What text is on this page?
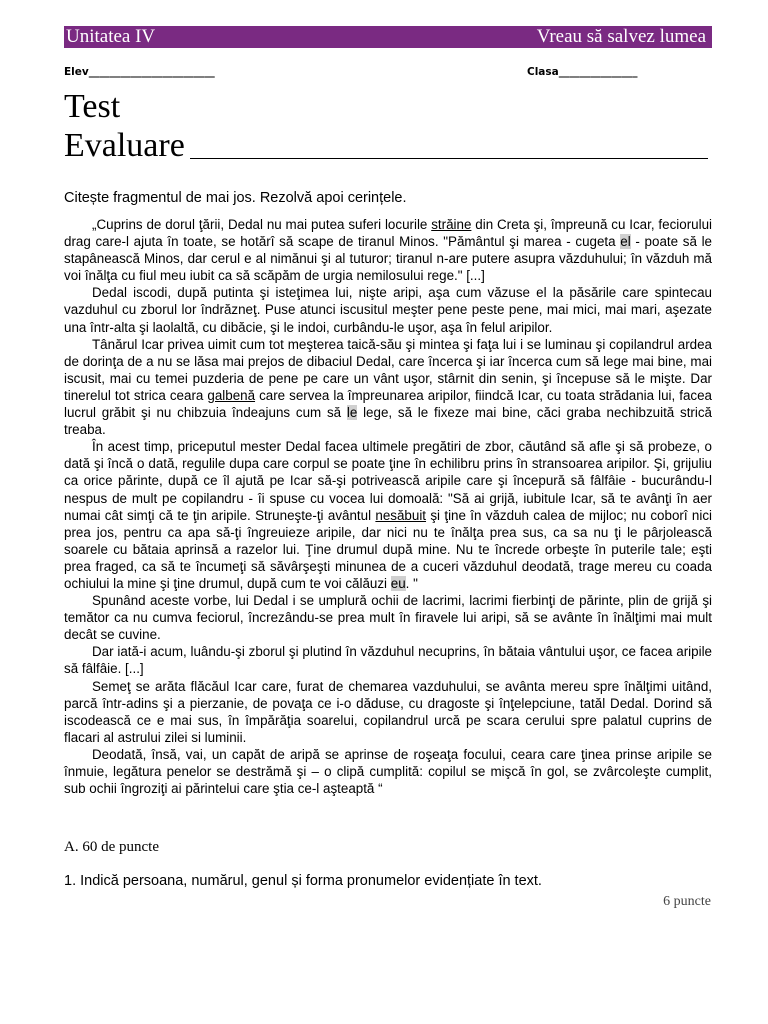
Unitatea IV	Vreau să salvez lumea
Elev________________________	Clasa_______________
Test
Evaluare
Citește fragmentul de mai jos. Rezolvă apoi cerințele.

„Cuprins de dorul ţării, Dedal nu mai putea suferi locurile străine din Creta şi, împreună cu Icar, feciorului drag care-l ajuta în toate, se hotărî să scape de tiranul Minos. "Pământul şi marea - cugeta el - poate să le stapânească Minos, dar cerul e al nimănui şi al tuturor; tiranul n-are putere asupra văzduhului; în văzduh mă voi înălţa cu fiul meu iubit ca să scăpăm de urgia nemilosului rege." [...]

Dedal iscodi, după putinta şi isteţimea lui, nişte aripi, aşa cum văzuse el la păsările care spintecau vazduhul cu zborul lor îndrăzneţ. Puse atunci iscusitul meşter pene peste pene, mai mici, mai mari, aşezate una într-alta şi laolaltă, cu dibăcie, şi le indoi, curbându-le uşor, aşa în felul aripilor.

Tânărul Icar privea uimit cum tot meşterea taică-său şi mintea şi faţa lui i se luminau şi copilandrul ardea de dorinţa de a nu se lăsa mai prejos de dibaciul Dedal, care încerca şi iar încerca cum să lege mai bine, mai iscusit, mai cu temei puzderia de pene pe care un vânt uşor, stârnit din senin, şi începuse să le mişte. Dar tinerelul tot strica ceara galbenă care servea la împreunarea aripilor, fiindcă Icar, cu toata strădania lui, facea lucrul grăbit şi nu chibzuia îndeajuns cum să le lege, să le fixeze mai bine, căci graba nechibzuită strică treaba.

În acest timp, priceputul mester Dedal facea ultimele pregătiri de zbor, căutând să afle şi să probeze, o dată şi încă o dată, regulile dupa care corpul se poate ţine în echilibru prins în stransoarea aripilor. Şi, grijuliu ca orice părinte, după ce îl ajută pe Icar să-şi potrivească aripile care şi începură să fâlfâie - bucurându-l nespus de mult pe copilandru - îi spuse cu vocea lui domoală: "Să ai grijă, iubitule Icar, să te avânţi în aer numai cât simţi că te ţin aripile. Struneşte-ţi avântul nesăbuit şi ţine în văzduh calea de mijloc; nu coborî nici prea jos, pentru ca apa să-ţi îngreuieze aripile, dar nici nu te înălţa prea sus, ca sa nu ţi le pârjolească soarele cu bătaia aprinsă a razelor lui. Ţine drumul după mine. Nu te încrede orbeşte în puterile tale; eşti prea fraged, ca să te încumeţi să săvârşeşti minunea de a cuceri văzduhul deodată, trage mereu cu coada ochiului la mine şi ţine drumul, după cum te voi călăuzi eu. "

Spunând aceste vorbe, lui Dedal i se umplură ochii de lacrimi, lacrimi fierbinţi de părinte, plin de grijă şi temător ca nu cumva feciorul, încrezându-se prea mult în firavele lui aripi, să se avânte în înălţimi mai mult decât se cuvine.

Dar iată-i acum, luându-şi zborul şi plutind în văzduhul necuprins, în bătaia vântului uşor, ce facea aripile să fâlfâie. [...]

Semeţ se arăta flăcăul Icar care, furat de chemarea vazduhului, se avânta mereu spre înălţimi uitând, parcă într-adins şi a pierzanie, de povaţa ce i-o dăduse, cu dragoste şi înţelepciune, tatăl Dedal. Dorind să iscodească ce e mai sus, în împărăţia soarelui, copilandrul urcă pe scara cerului spre palatul cuprins de flacari al astrului zilei si luminii.

Deodată, însă, vai, un capăt de aripă se aprinse de roşeaţa focului, ceara care ţinea prinse aripile se înmuie, legătura penelor se destrămă şi – o clipă cumplită: copilul se mişcă în gol, se zvârcoleşte cumplit, sub ochii îngroziţi ai părintelui care ştia ce-l aşteaptă “

A. 60 de puncte
1. Indică persoana, numărul, genul și forma pronumelor evidențiate în text.
6 puncte
